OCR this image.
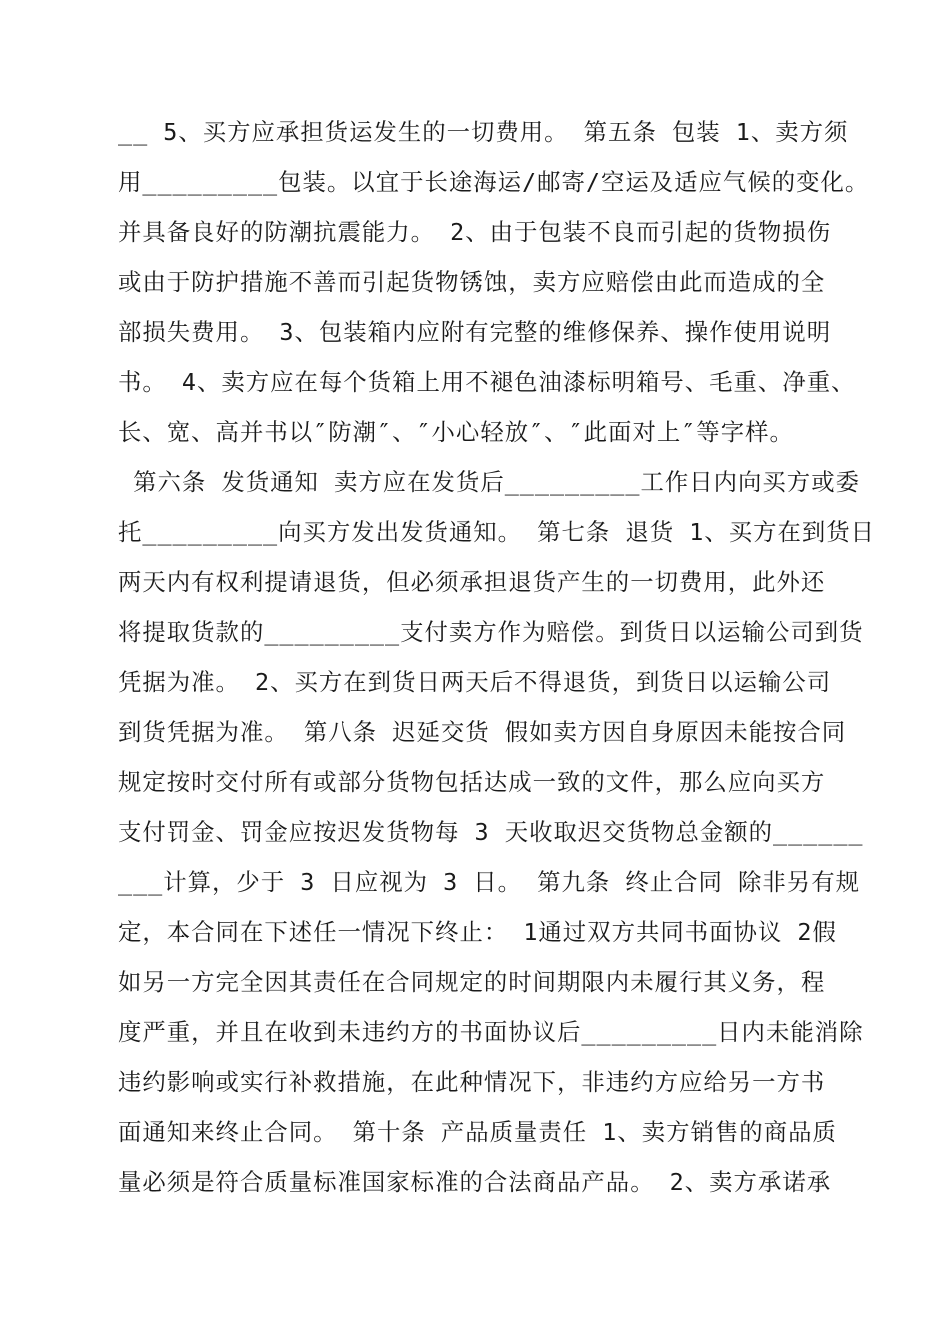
__ 5、买方应承担货运发生的一切费用。 第五条 包装 1、卖方须
用_________包装。以宜于长途海运/邮寄/空运及适应气候的变化。
并具备良好的防潮抗震能力。 2、由于包装不良而引起的货物损伤
或由于防护措施不善而引起货物锈蚀，卖方应赔偿由此而造成的全
部损失费用。 3、包装箱内应附有完整的维修保养、操作使用说明
书。 4、卖方应在每个货箱上用不褪色油漆标明箱号、毛重、净重、
长、宽、高并书以″防潮″、″小心轻放″、″此面对上″等字样。
第六条 发货通知 卖方应在发货后_________工作日内向买方或委
托_________向买方发出发货通知。 第七条 退货 1、买方在到货日
两天内有权利提请退货，但必须承担退货产生的一切费用，此外还
将提取货款的_________支付卖方作为赔偿。到货日以运输公司到货
凭据为准。 2、买方在到货日两天后不得退货，到货日以运输公司
到货凭据为准。 第八条 迟延交货 假如卖方因自身原因未能按合同
规定按时交付所有或部分货物包括达成一致的文件，那么应向买方
支付罚金、罚金应按迟发货物每 3 天收取迟交货物总金额的______
___计算，少于 3 日应视为 3 日。 第九条 终止合同 除非另有规
定，本合同在下述任一情况下终止： 1通过双方共同书面协议 2假
如另一方完全因其责任在合同规定的时间期限内未履行其义务，程
度严重，并且在收到未违约方的书面协议后_________日内未能消除
违约影响或实行补救措施，在此种情况下，非违约方应给另一方书
面通知来终止合同。 第十条 产品质量责任 1、卖方销售的商品质
量必须是符合质量标准国家标准的合法商品产品。 2、卖方承诺承
